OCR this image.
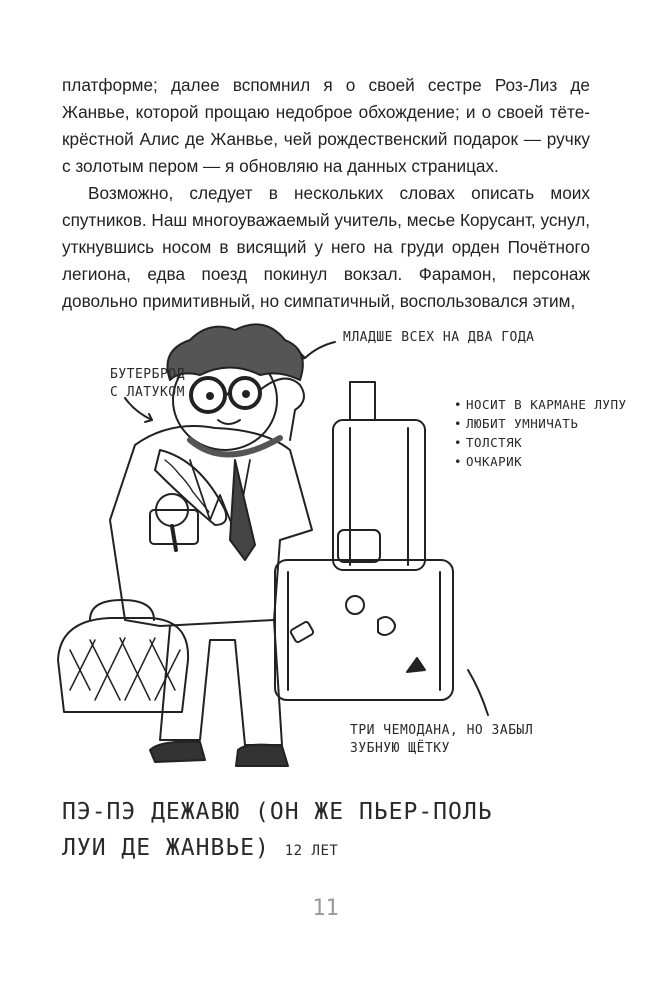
платформе; далее вспомнил я о своей сестре Роз-Лиз де Жанвье, которой прощаю недоброе обхождение; и о своей тёте-крёстной Алис де Жанвье, чей рождественский подарок — ручку с золотым пером — я обновляю на данных страницах.

Возможно, следует в нескольких словах описать моих спутников. Наш многоуважаемый учитель, месье Корусант, уснул, уткнувшись носом в висящий у него на груди орден Почётного легиона, едва поезд покинул вокзал. Фарамон, персонаж довольно примитивный, но симпатичный, воспользовался этим,

МЛАДШЕ ВСЕХ НА ДВА ГОДА
БУТЕРБРОД
С ЛАТУКОМ
• НОСИТ В КАРМАНЕ ЛУПУ
• ЛЮБИТ УМНИЧАТЬ
• ТОЛСТЯК
• ОЧКАРИК
ТРИ ЧЕМОДАНА, НО ЗАБЫЛ
ЗУБНУЮ ЩЁТКУ
ПЭ-ПЭ ДЕЖАВЮ (ОН ЖЕ ПЬЕР-ПОЛЬ
ЛУИ ДЕ ЖАНВЬЕ) 12 ЛЕТ
11
